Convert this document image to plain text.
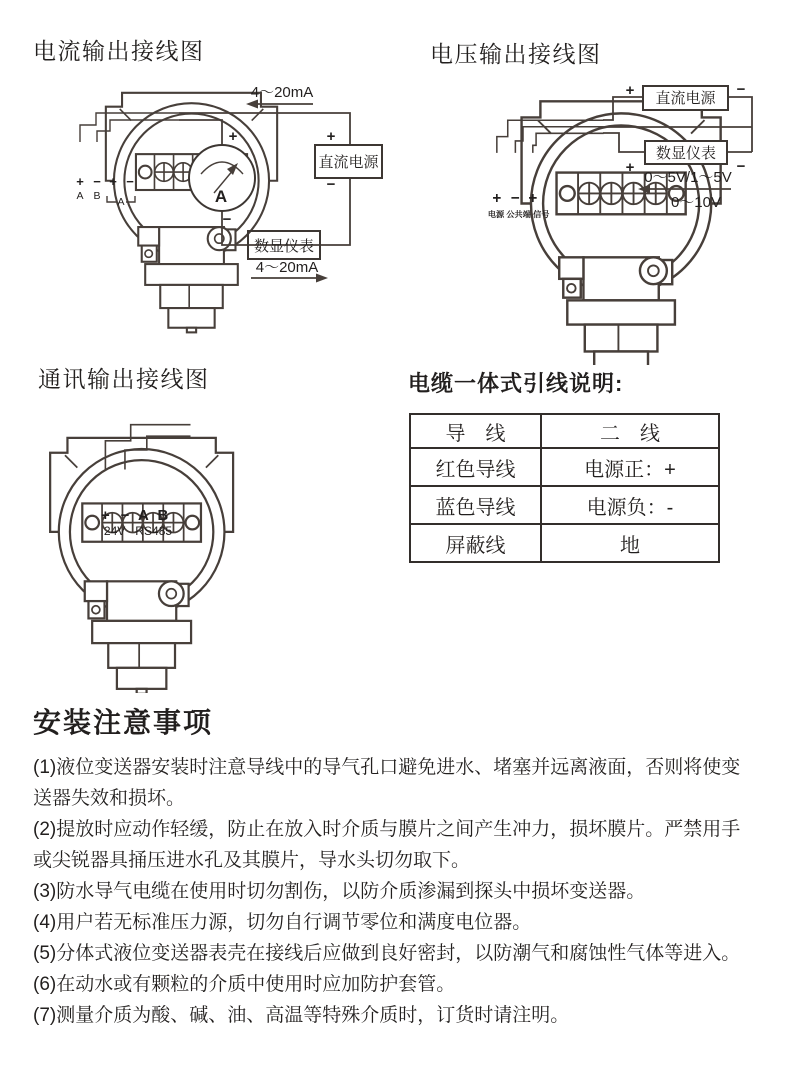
电流输出接线图	电压输出接线图
通讯输出接线图	电缆一体式引线说明:
+ − + −
A B A
4～20mA
直流电源
+
−
A
+
−
数显仪表
4～20mA
+ − +
电源 公共端 信号
直流电源
+	−
数显仪表
+	−
0～5V/1～5V
0～10V
+ − A B
24V RS485
导　线	二　线
红色导线	电源正：+
蓝色导线	电源负：-
屏蔽线	地
安装注意事项

(1)液位变送器安装时注意导线中的导气孔口避免进水、堵塞并远离液面，否则将使变送器失效和损坏。

(2)提放时应动作轻缓，防止在放入时介质与膜片之间产生冲力，损坏膜片。严禁用手或尖锐器具捅压进水孔及其膜片，导水头切勿取下。

(3)防水导气电缆在使用时切勿割伤，以防介质渗漏到探头中损坏变送器。

(4)用户若无标准压力源，切勿自行调节零位和满度电位器。

(5)分体式液位变送器表壳在接线后应做到良好密封，以防潮气和腐蚀性气体等进入。

(6)在动水或有颗粒的介质中使用时应加防护套管。

(7)测量介质为酸、碱、油、高温等特殊介质时，订货时请注明。
